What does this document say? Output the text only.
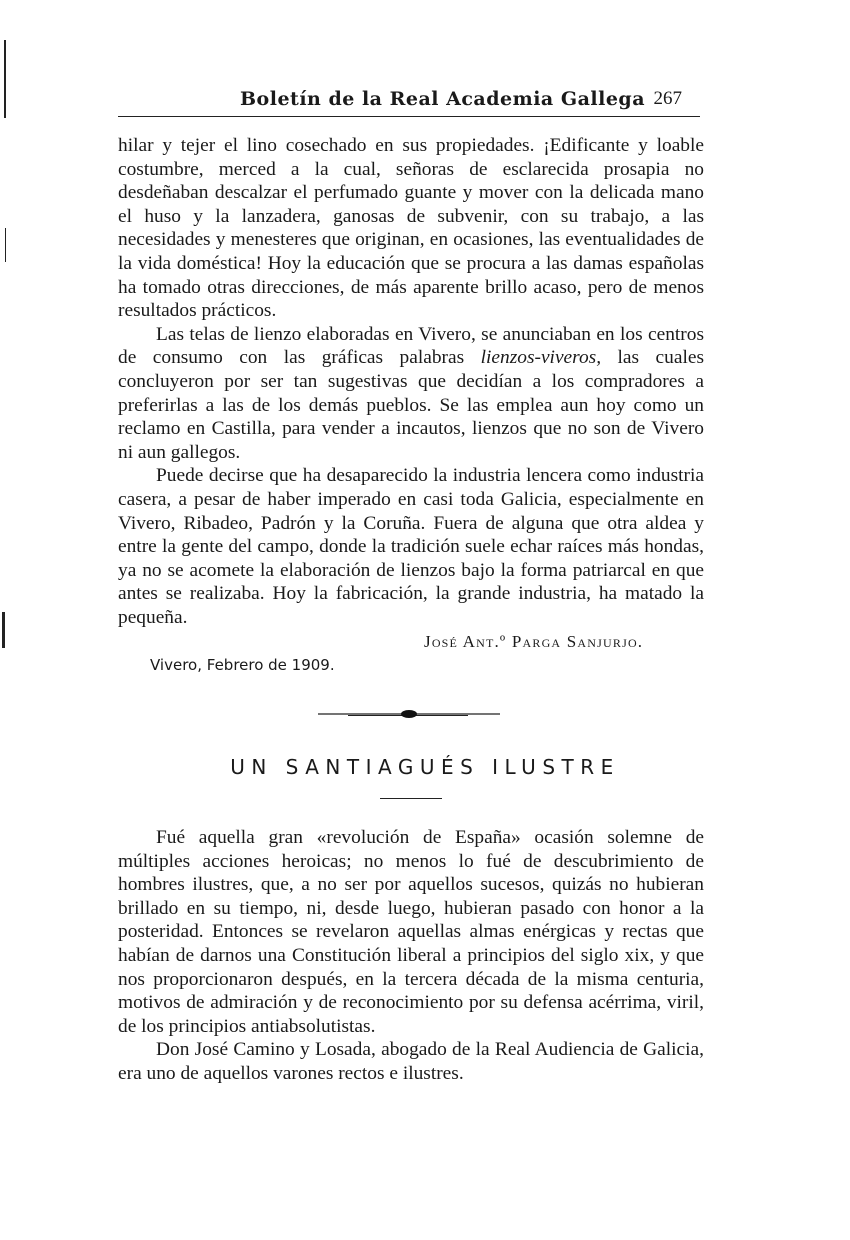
Boletín de la Real Academia Gallega 267

hilar y tejer el lino cosechado en sus propiedades. ¡Edificante y loable costumbre, merced a la cual, señoras de esclarecida prosapia no desdeñaban descalzar el perfumado guante y mover con la delicada mano el huso y la lanzadera, ganosas de subvenir, con su trabajo, a las necesidades y menesteres que originan, en ocasiones, las eventualidades de la vida doméstica! Hoy la educación que se procura a las damas españolas ha tomado otras direcciones, de más aparente brillo acaso, pero de menos resultados prácticos.

Las telas de lienzo elaboradas en Vivero, se anunciaban en los centros de consumo con las gráficas palabras lienzos-viveros, las cuales concluyeron por ser tan sugestivas que decidían a los compradores a preferirlas a las de los demás pueblos. Se las emplea aun hoy como un reclamo en Castilla, para vender a incautos, lienzos que no son de Vivero ni aun gallegos.

Puede decirse que ha desaparecido la industria lencera como industria casera, a pesar de haber imperado en casi toda Galicia, especialmente en Vivero, Ribadeo, Padrón y la Coruña. Fuera de alguna que otra aldea y entre la gente del campo, donde la tradición suele echar raíces más hondas, ya no se acomete la elaboración de lienzos bajo la forma patriarcal en que antes se realizaba. Hoy la fabricación, la grande industria, ha matado la pequeña.

José Ant.º Parga Sanjurjo.
Vivero, Febrero de 1909.
UN SANTIAGUÉS ILUSTRE

Fué aquella gran «revolución de España» ocasión solemne de múltiples acciones heroicas; no menos lo fué de descubrimiento de hombres ilustres, que, a no ser por aquellos sucesos, quizás no hubieran brillado en su tiempo, ni, desde luego, hubieran pasado con honor a la posteridad. Entonces se revelaron aquellas almas enérgicas y rectas que habían de darnos una Constitución liberal a principios del siglo xix, y que nos proporcionaron después, en la tercera década de la misma centuria, motivos de admiración y de reconocimiento por su defensa acérrima, viril, de los principios antiabsolutistas.

Don José Camino y Losada, abogado de la Real Audiencia de Galicia, era uno de aquellos varones rectos e ilustres.
